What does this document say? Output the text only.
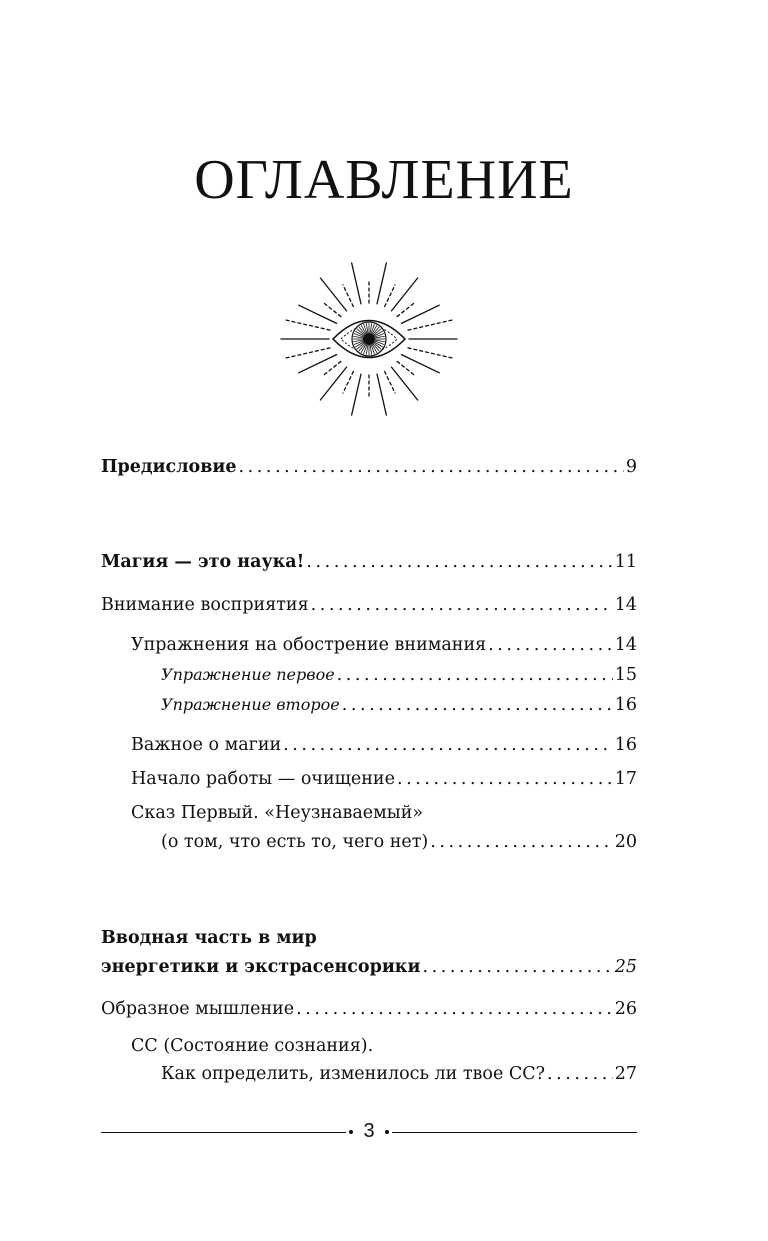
ОГЛАВЛЕНИЕ
Предисловие . . .	9
Магия — это наука! . . .	11
Внимание восприятия . . .	14
Упражнения на обострение внимания . . .	14
Упражнение первое . . .	15
Упражнение второе . . .	16
Важное о магии . . .	16
Начало работы — очищение . . .	17
Сказ Первый. «Неузнаваемый»
(о том, что есть то, чего нет) . . .	20
Вводная часть в мир
энергетики и экстрасенсорики . . .	25
Образное мышление . . .	26
СС (Состояние сознания).
Как определить, изменилось ли твое СС? . . .	27
3
